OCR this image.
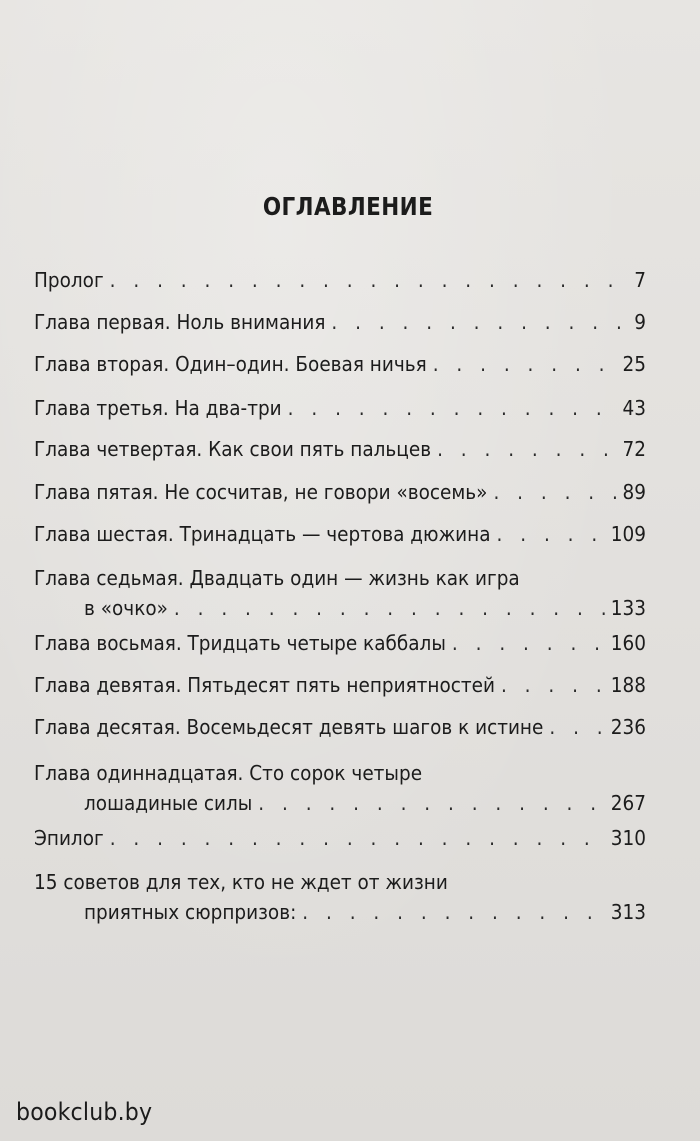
ОГЛАВЛЕНИЕ
Пролог . . .	7
Глава первая. Ноль внимания . . .	9
Глава вторая. Один–один. Боевая ничья . . .	25
Глава третья. На два-три . . .	43
Глава четвертая. Как свои пять пальцев . . .	72
Глава пятая. Не сосчитав, не говори «восемь» . . .	89
Глава шестая. Тринадцать — чертова дюжина . . .	109
Глава седьмая. Двадцать один — жизнь как игра
в «очко» . . .	133
Глава восьмая. Тридцать четыре каббалы . . .	160
Глава девятая. Пятьдесят пять неприятностей . . .	188
Глава десятая. Восемьдесят девять шагов к истине . . .	236
Глава одиннадцатая. Сто сорок четыре
лошадиные силы . . .	267
Эпилог . . .	310
15 советов для тех, кто не ждет от жизни
приятных сюрпризов: . . .	313
bookclub.by
